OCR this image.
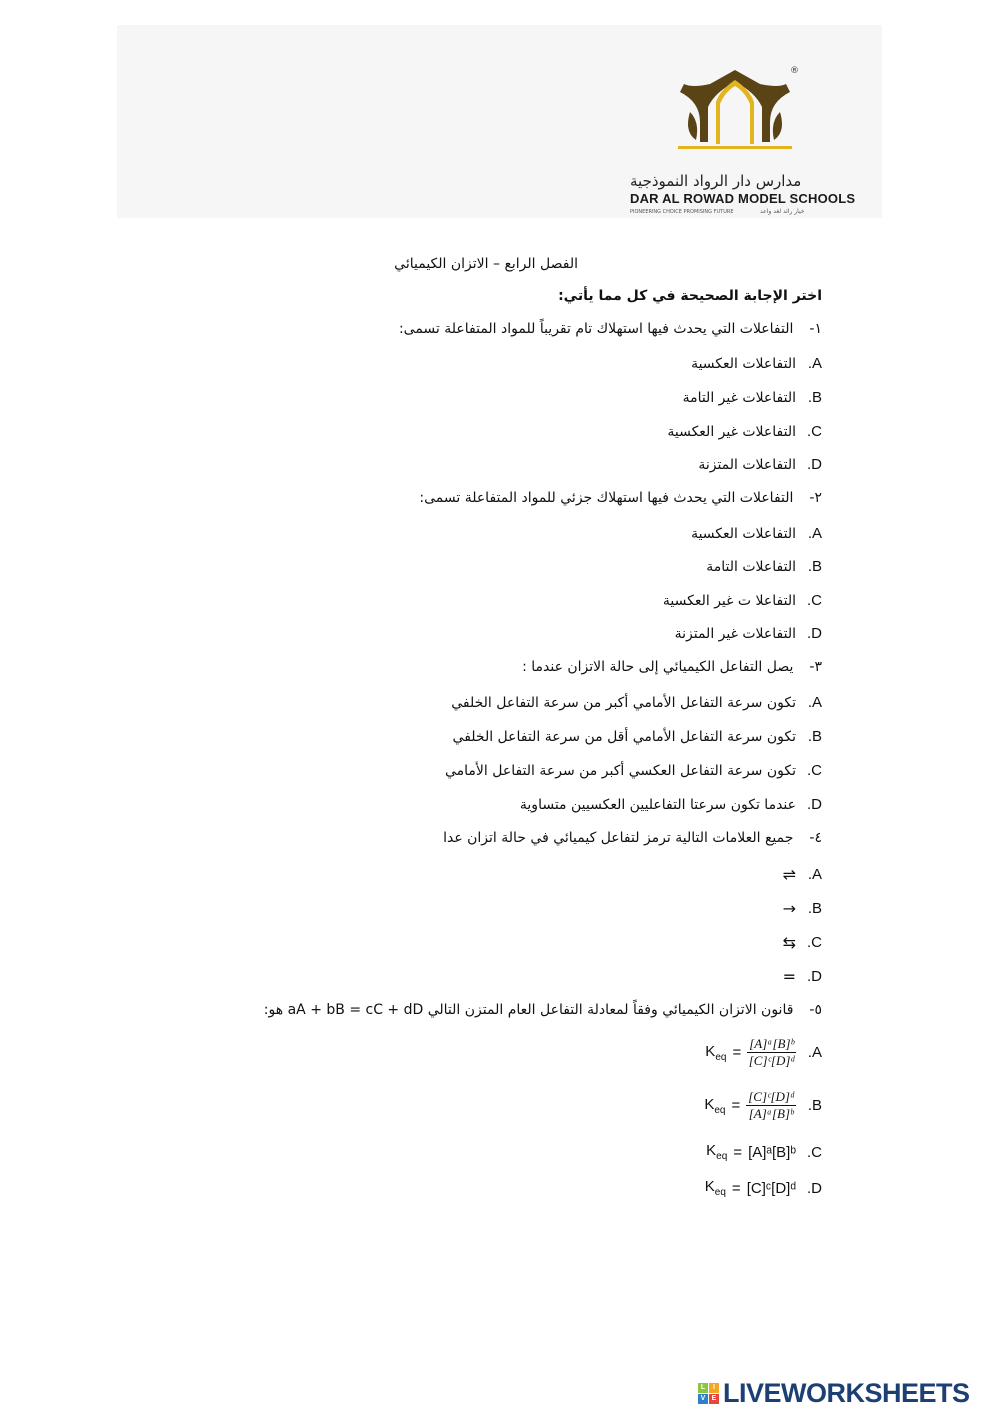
®
مدارس دار الرواد النموذجية
DAR AL ROWAD MODEL SCHOOLS
PIONEERING CHOICE PROMISING FUTURE	خيار رائد لغد واعد
الفصل الرابع – الاتزان الكيميائي
اختر الإجابة الصحيحة في كل مما يأتي:
١-
التفاعلات التي يحدث فيها استهلاك تام تقريباً للمواد المتفاعلة تسمى:
.A
التفاعلات العكسية
.B
التفاعلات غير التامة
.C
التفاعلات غير العكسية
.D
التفاعلات المتزنة
٢-
التفاعلات التي يحدث فيها استهلاك جزئي للمواد المتفاعلة تسمى:
.A
التفاعلات العكسية
.B
التفاعلات التامة
.C
التفاعلا ت غير العكسية
.D
التفاعلات غير المتزنة
٣-
يصل التفاعل الكيميائي إلى حالة الاتزان عندما :
.A
تكون سرعة التفاعل الأمامي أكبر من سرعة التفاعل الخلفي
.B
تكون سرعة التفاعل الأمامي أقل من سرعة التفاعل الخلفي
.C
تكون سرعة التفاعل العكسي أكبر من سرعة التفاعل الأمامي
.D
عندما تكون سرعتا التفاعليين العكسيين متساوية
٤-
جميع العلامات التالية ترمز لتفاعل كيميائي في حالة اتزان عدا
.A
⇌
.B
→
.C
⇆
.D
=
٥-
قانون الاتزان الكيميائي وفقاً لمعادلة التفاعل العام المتزن التالي aA + bB = cC + dD هو:
.A
$K_{eq} = \frac{\text{[A]ᵃ[B]ᵇ}}{\text{[C]ᶜ[D]ᵈ}}$
.B
$K_{eq} = \frac{\text{[C]ᶜ[D]ᵈ}}{\text{[A]ᵃ[B]ᵇ}}$
.C
$K_{eq}$ = [A]ᵃ[B]ᵇ
.D
$K_{eq}$ = [C]ᶜ[D]ᵈ
L	I
V E LIVEWORKSHEETS
